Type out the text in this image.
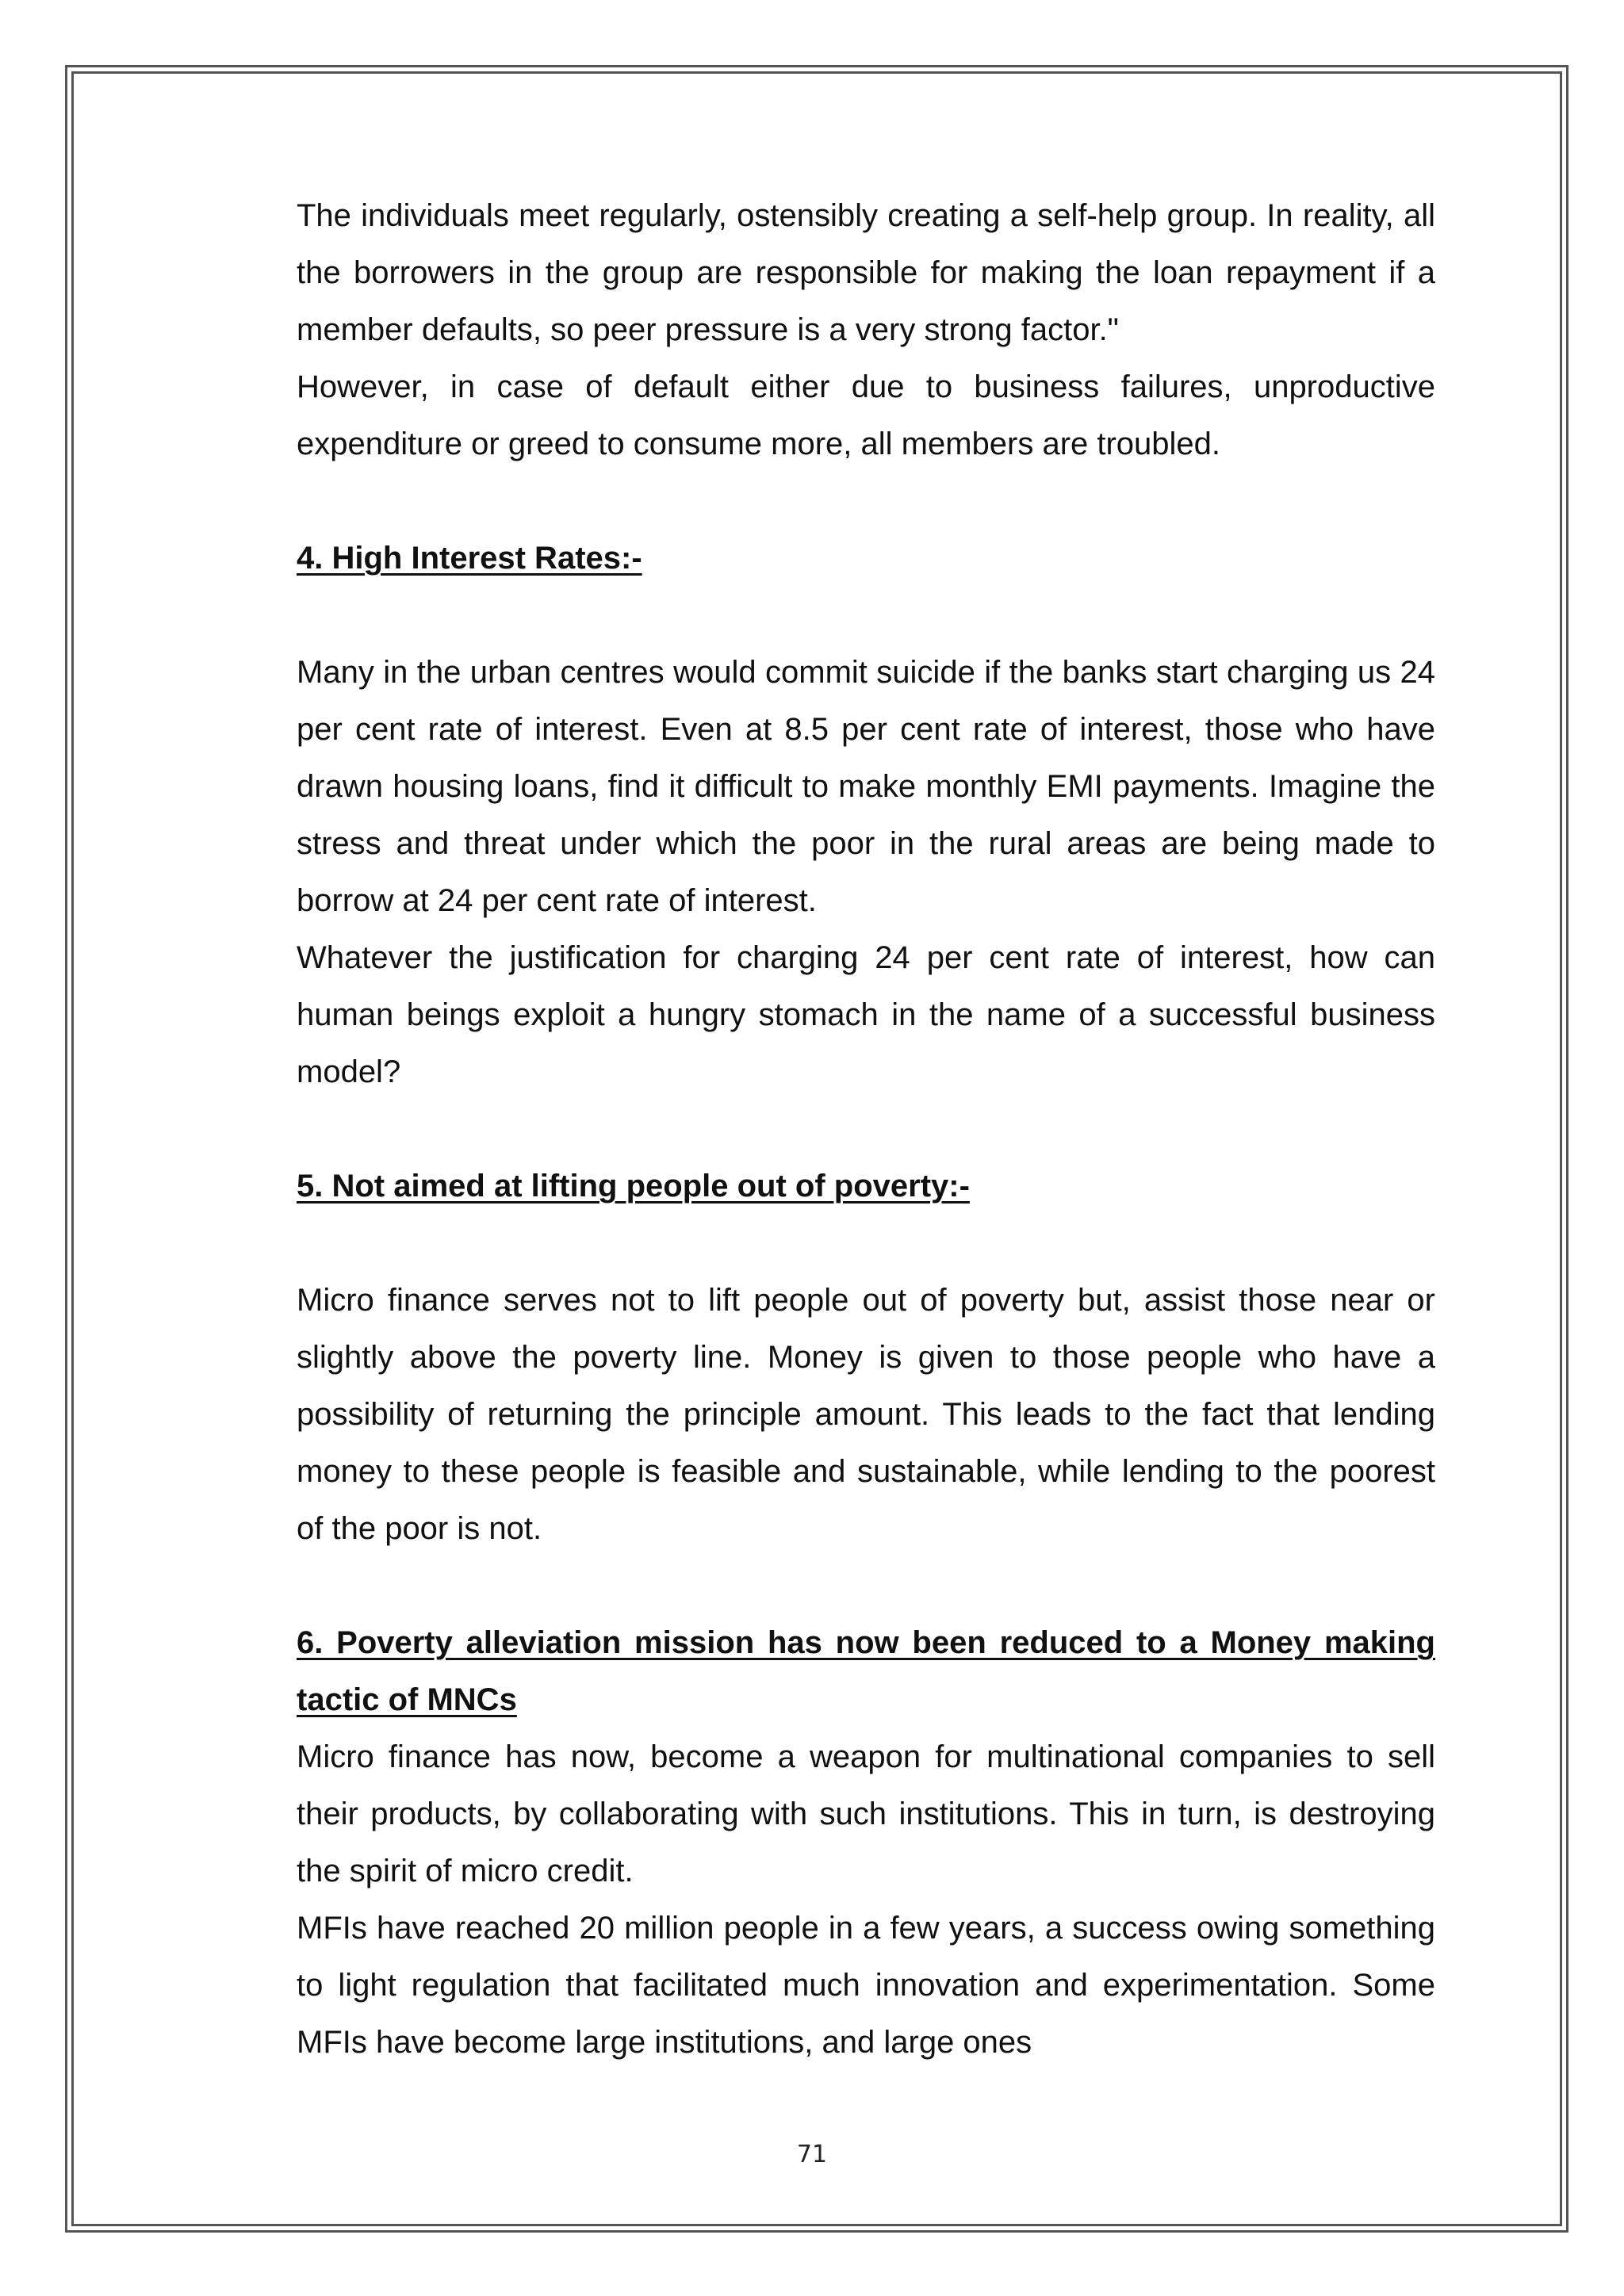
The individuals meet regularly, ostensibly creating a self-help group. In reality, all the borrowers in the group are responsible for making the loan repayment if a member defaults, so peer pressure is a very strong factor."

However, in case of default either due to business failures, unproductive expenditure or greed to consume more, all members are troubled.

4. High Interest Rates:-

Many in the urban centres would commit suicide if the banks start charging us 24 per cent rate of interest. Even at 8.5 per cent rate of interest, those who have drawn housing loans, find it difficult to make monthly EMI payments. Imagine the stress and threat under which the poor in the rural areas are being made to borrow at 24 per cent rate of interest.

Whatever the justification for charging 24 per cent rate of interest, how can human beings exploit a hungry stomach in the name of a successful business model?

5. Not aimed at lifting people out of poverty:-

Micro finance serves not to lift people out of poverty but, assist those near or slightly above the poverty line. Money is given to those people who have a possibility of returning the principle amount. This leads to the fact that lending money to these people is feasible and sustainable, while lending to the poorest of the poor is not.

6. Poverty alleviation mission has now been reduced to a Money making tactic of MNCs

Micro finance has now, become a weapon for multinational companies to sell their products, by collaborating with such institutions. This in turn, is destroying the spirit of micro credit.

MFIs have reached 20 million people in a few years, a success owing something to light regulation that facilitated much innovation and experimentation. Some MFIs have become large institutions, and large ones

71
